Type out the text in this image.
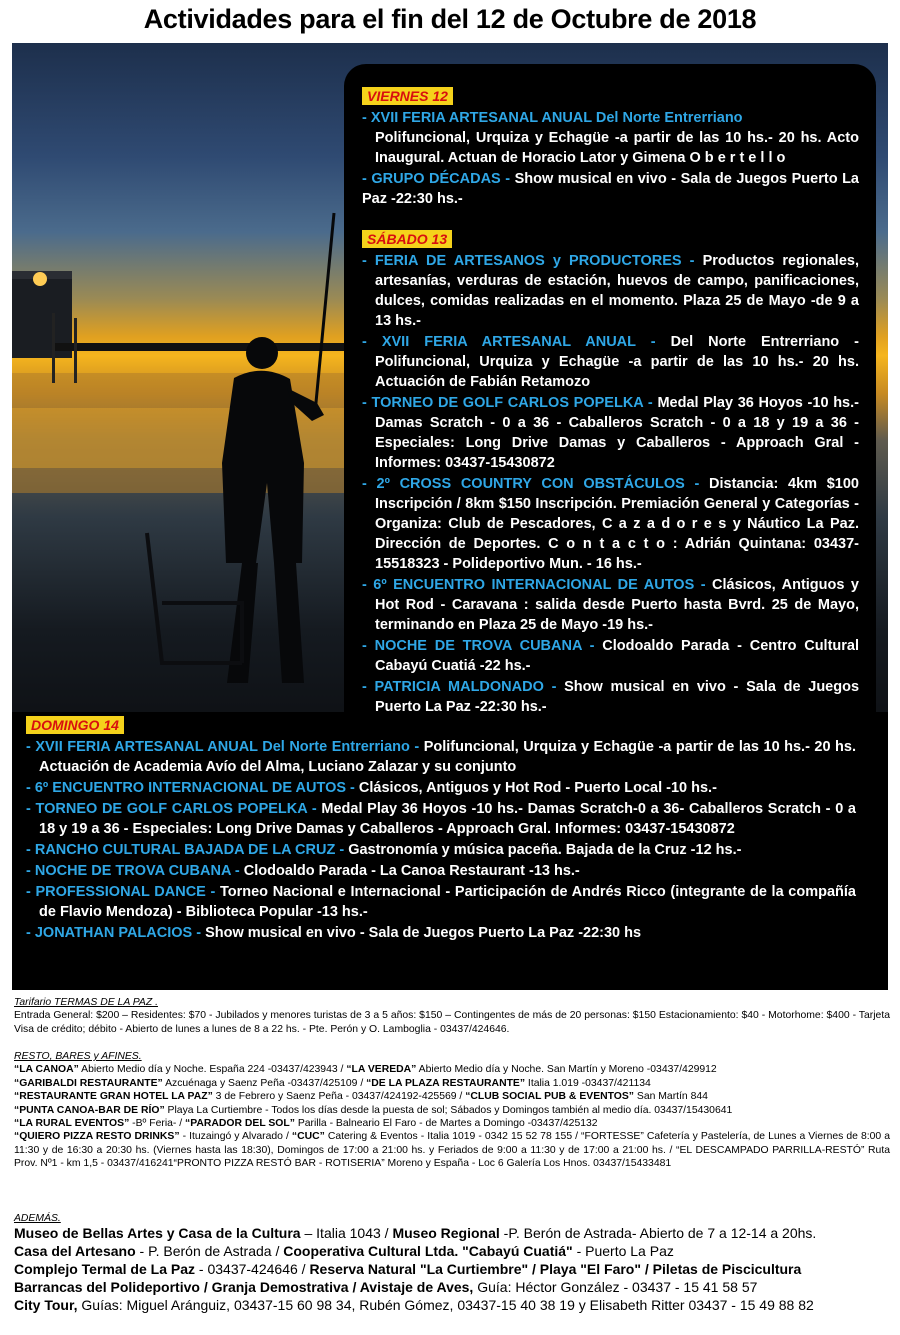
Actividades para el fin del 12 de Octubre de 2018
VIERNES 12

- XVII FERIA ARTESANAL ANUAL Del Norte Entrerriano

Polifuncional, Urquiza y Echagüe -a partir de las 10 hs.- 20 hs. Acto Inaugural. Actuan de Horacio Lator y Gimena O b e r t e l l o

- GRUPO DÉCADAS - Show musical en vivo - Sala de Juegos Puerto La Paz -22:30 hs.-

SÁBADO 13

- FERIA DE ARTESANOS y PRODUCTORES - Productos regionales, artesanías, verduras de estación, huevos de campo, panificaciones, dulces, comidas realizadas en el momento. Plaza 25 de Mayo -de 9 a 13 hs.-

- XVII FERIA ARTESANAL ANUAL - Del Norte Entrerriano - Polifuncional, Urquiza y Echagüe -a partir de las 10 hs.- 20 hs. Actuación de Fabián Retamozo

- TORNEO DE GOLF CARLOS POPELKA - Medal Play 36 Hoyos -10 hs.- Damas Scratch - 0 a 36 - Caballeros Scratch - 0 a 18 y 19 a 36 - Especiales: Long Drive Damas y Caballeros - Approach Gral - Informes: 03437-15430872

- 2º CROSS COUNTRY CON OBSTÁCULOS - Distancia: 4km $100 Inscripción / 8km $150 Inscripción. Premiación General y Categorías - Organiza: Club de Pescadores, C a z a d o r e s y Náutico La Paz. Dirección de Deportes. C o n t a c t o : Adrián Quintana: 03437-15518323 - Polideportivo Mun. - 16 hs.-

- 6º ENCUENTRO INTERNACIONAL DE AUTOS - Clásicos, Antiguos y Hot Rod - Caravana : salida desde Puerto hasta Bvrd. 25 de Mayo, terminando en Plaza 25 de Mayo -19 hs.-

- NOCHE DE TROVA CUBANA - Clodoaldo Parada - Centro Cultural Cabayú Cuatiá -22 hs.-

- PATRICIA MALDONADO - Show musical en vivo - Sala de Juegos Puerto La Paz -22:30 hs.-

DOMINGO 14

- XVII FERIA ARTESANAL ANUAL Del Norte Entrerriano - Polifuncional, Urquiza y Echagüe -a partir de las 10 hs.- 20 hs. Actuación de Academia Avío del Alma, Luciano Zalazar y su conjunto

- 6º ENCUENTRO INTERNACIONAL DE AUTOS - Clásicos, Antiguos y Hot Rod - Puerto Local -10 hs.-

- TORNEO DE GOLF CARLOS POPELKA - Medal Play 36 Hoyos -10 hs.- Damas Scratch-0 a 36- Caballeros Scratch - 0 a 18 y 19 a 36 - Especiales: Long Drive Damas y Caballeros - Approach Gral. Informes: 03437-15430872

- RANCHO CULTURAL BAJADA DE LA CRUZ - Gastronomía y música paceña. Bajada de la Cruz -12 hs.-

- NOCHE DE TROVA CUBANA - Clodoaldo Parada - La Canoa Restaurant -13 hs.-

- PROFESSIONAL DANCE - Torneo Nacional e Internacional - Participación de Andrés Ricco (integrante de la compañía de Flavio Mendoza) - Biblioteca Popular -13 hs.-

- JONATHAN PALACIOS - Show musical en vivo - Sala de Juegos Puerto La Paz -22:30 hs

Tarifario TERMAS DE LA PAZ .
Entrada General: $200 – Residentes: $70 - Jubilados y menores turistas de 3 a 5 años: $150 – Contingentes de más de 20 personas: $150 Estacionamiento: $40 - Motorhome: $400 - Tarjeta Visa de crédito; débito - Abierto de lunes a lunes de 8 a 22 hs. - Pte. Perón y O. Lamboglia - 03437/424646.
RESTO, BARES y AFINES.
“LA CANOA” Abierto Medio día y Noche. España 224 -03437/423943 / “LA VEREDA” Abierto Medio día y Noche. San Martín y Moreno -03437/429912
“GARIBALDI RESTAURANTE” Azcuénaga y Saenz Peña -03437/425109 / “DE LA PLAZA RESTAURANTE” Italia 1.019 -03437/421134
“RESTAURANTE GRAN HOTEL LA PAZ” 3 de Febrero y Saenz Peña - 03437/424192-425569 / “CLUB SOCIAL PUB & EVENTOS” San Martín 844
“PUNTA CANOA-BAR DE RÍO” Playa La Curtiembre - Todos los días desde la puesta de sol; Sábados y Domingos también al medio día. 03437/15430641
“LA RURAL EVENTOS” -Bº Feria- / “PARADOR DEL SOL” Parilla - Balneario El Faro - de Martes a Domingo -03437/425132
“QUIERO PIZZA RESTO DRINKS” - Ituzaingó y Alvarado / “CUC” Catering & Eventos - Italia 1019 - 0342 15 52 78 155 / “FORTESSE” Cafetería y Pastelería, de Lunes a Viernes de 8:00 a 11:30 y de 16:30 a 20:30 hs. (Viernes hasta las 18:30), Domingos de 17:00 a 21:00 hs. y Feriados de 9:00 a 11:30 y de 17:00 a 21:00 hs. / “EL DESCAMPADO PARRILLA-RESTÓ” Ruta Prov. Nº1 - km 1,5 - 03437/416241“PRONTO PIZZA RESTÓ BAR - ROTISERIA” Moreno y España - Loc 6 Galería Los Hnos. 03437/15433481
ADEMÁS.
Museo de Bellas Artes y Casa de la Cultura – Italia 1043 / Museo Regional -P. Berón de Astrada- Abierto de 7 a 12-14 a 20hs.
Casa del Artesano - P. Berón de Astrada / Cooperativa Cultural Ltda. "Cabayú Cuatiá" - Puerto La Paz
Complejo Termal de La Paz - 03437-424646 / Reserva Natural "La Curtiembre" / Playa "El Faro" / Piletas de Piscicultura
Barrancas del Polideportivo / Granja Demostrativa / Avistaje de Aves, Guía: Héctor González - 03437 - 15 41 58 57
City Tour, Guías: Miguel Aránguiz, 03437-15 60 98 34, Rubén Gómez, 03437-15 40 38 19 y Elisabeth Ritter 03437 - 15 49 88 82
